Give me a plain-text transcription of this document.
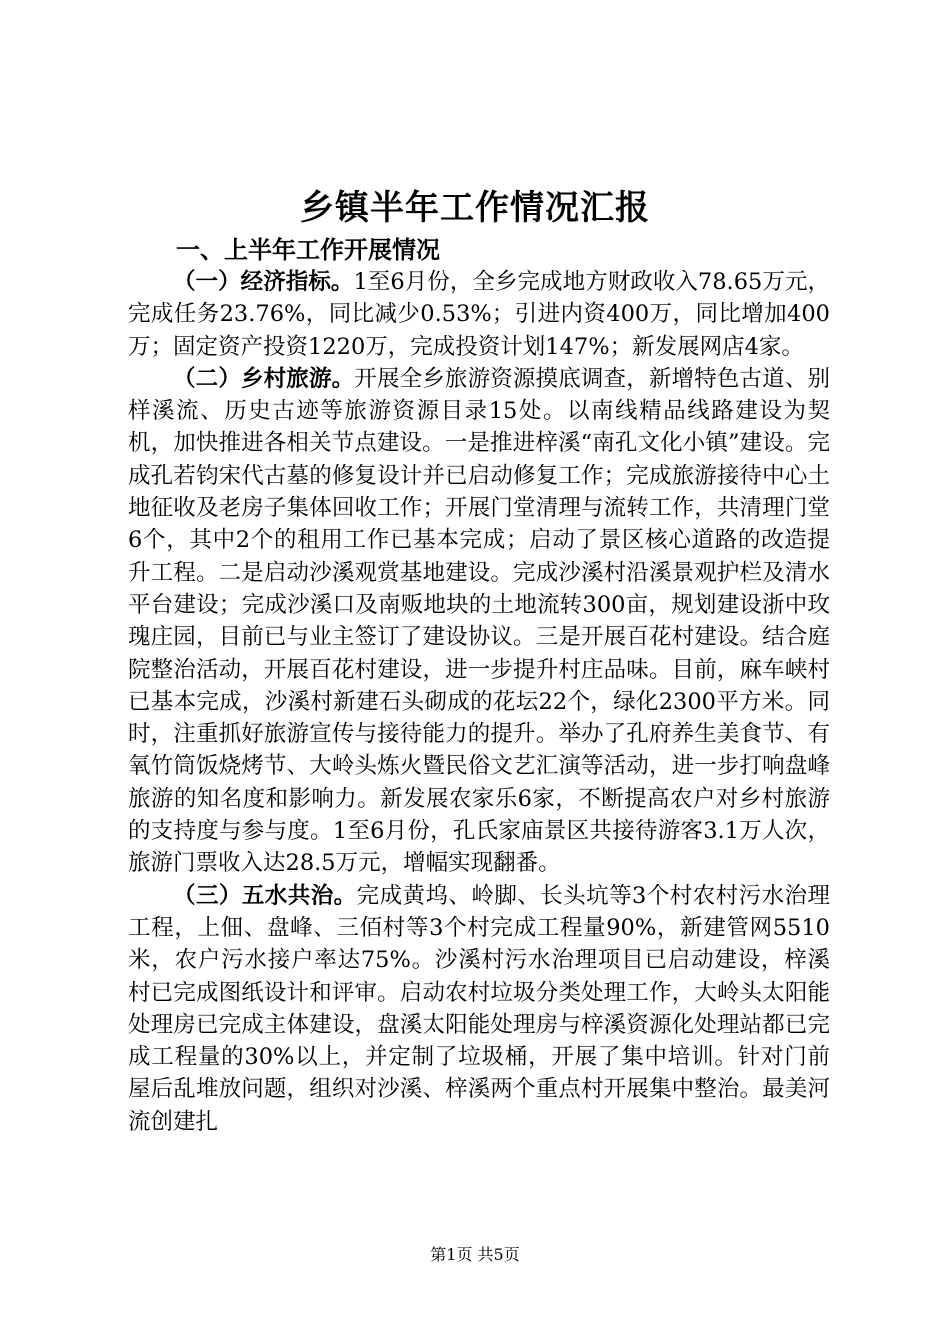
乡镇半年工作情况汇报
一、上半年工作开展情况

（一）经济指标。1至6月份，全乡完成地方财政收入78.65万元，完成任务23.76%，同比减少0.53%；引进内资400万，同比增加400万；固定资产投资1220万，完成投资计划147%；新发展网店4家。

（二）乡村旅游。开展全乡旅游资源摸底调查，新增特色古道、别样溪流、历史古迹等旅游资源目录15处。以南线精品线路建设为契机，加快推进各相关节点建设。一是推进梓溪“南孔文化小镇”建设。完成孔若钧宋代古墓的修复设计并已启动修复工作；完成旅游接待中心土地征收及老房子集体回收工作；开展门堂清理与流转工作，共清理门堂6个，其中2个的租用工作已基本完成；启动了景区核心道路的改造提升工程。二是启动沙溪观赏基地建设。完成沙溪村沿溪景观护栏及清水平台建设；完成沙溪口及南贩地块的土地流转300亩，规划建设浙中玫瑰庄园，目前已与业主签订了建设协议。三是开展百花村建设。结合庭院整治活动，开展百花村建设，进一步提升村庄品味。目前，麻车峡村已基本完成，沙溪村新建石头砌成的花坛22个，绿化2300平方米。同时，注重抓好旅游宣传与接待能力的提升。举办了孔府养生美食节、有氧竹筒饭烧烤节、大岭头炼火暨民俗文艺汇演等活动，进一步打响盘峰旅游的知名度和影响力。新发展农家乐6家，不断提高农户对乡村旅游的支持度与参与度。1至6月份，孔氏家庙景区共接待游客3.1万人次，旅游门票收入达28.5万元，增幅实现翻番。

（三）五水共治。完成黄坞、岭脚、长头坑等3个村农村污水治理工程，上佃、盘峰、三佰村等3个村完成工程量90%，新建管网5510米，农户污水接户率达75%。沙溪村污水治理项目已启动建设，梓溪村已完成图纸设计和评审。启动农村垃圾分类处理工作，大岭头太阳能处理房已完成主体建设，盘溪太阳能处理房与梓溪资源化处理站都已完成工程量的30%以上，并定制了垃圾桶，开展了集中培训。针对门前屋后乱堆放问题，组织对沙溪、梓溪两个重点村开展集中整治。最美河流创建扎

第1页 共5页
